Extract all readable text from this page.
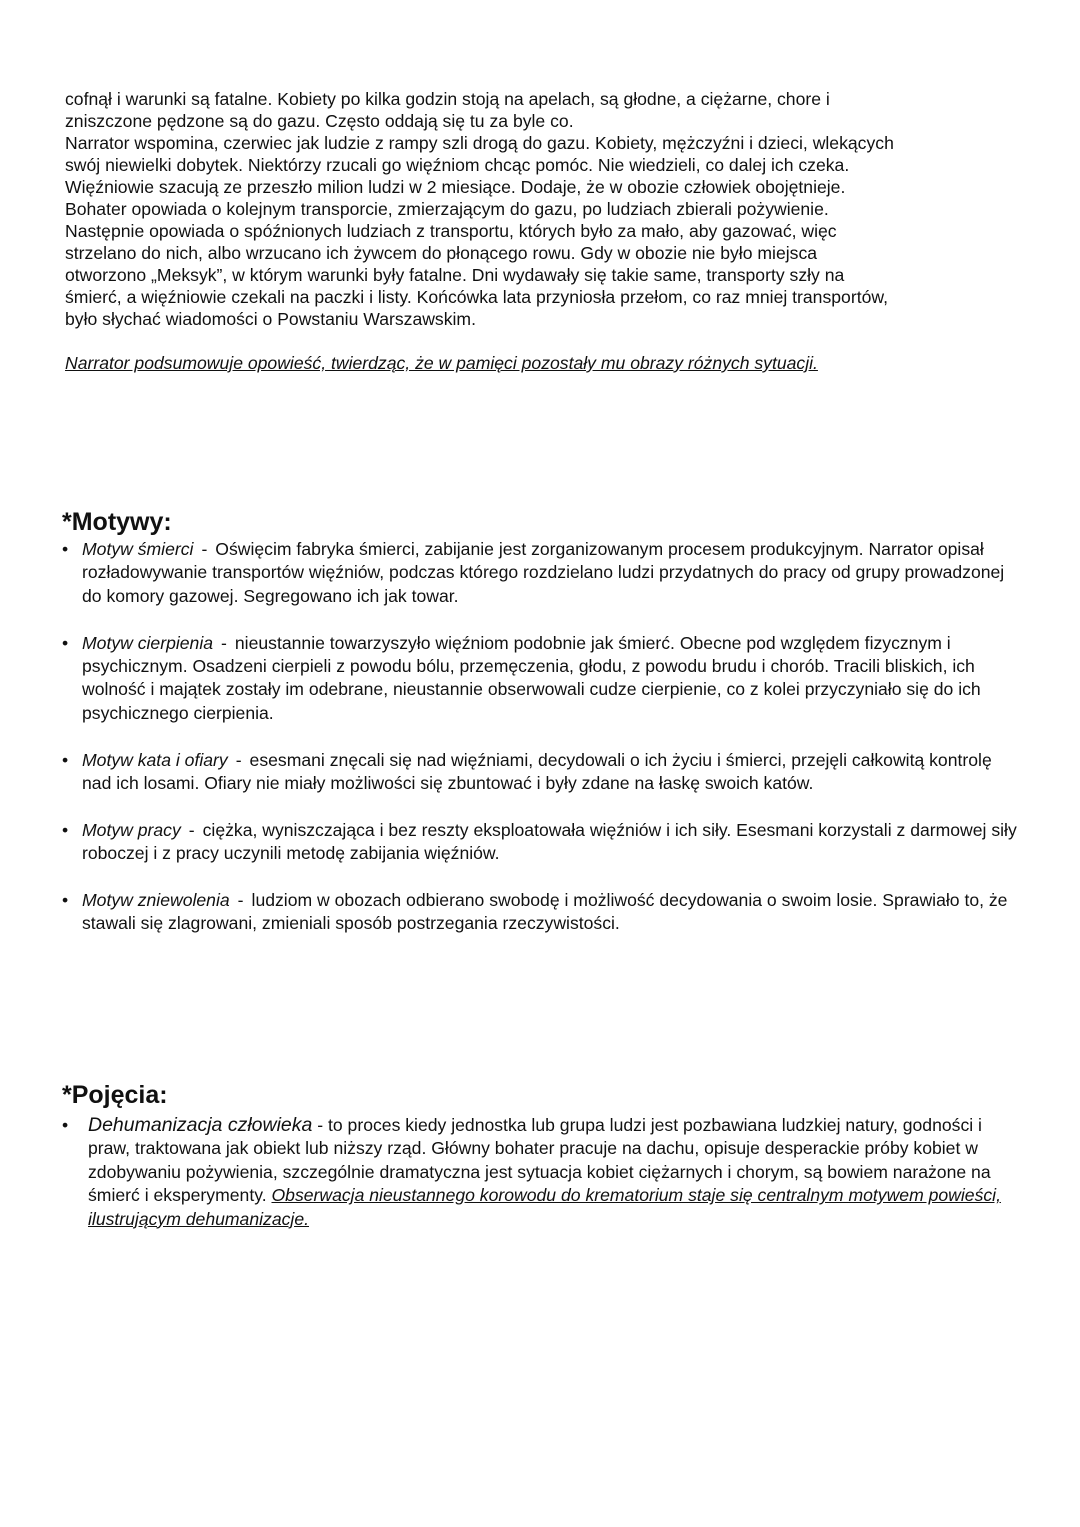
cofnął i warunki są fatalne. Kobiety po kilka godzin stoją na apelach, są głodne, a ciężarne, chore i

zniszczone pędzone są do gazu. Często oddają się tu za byle co.

Narrator wspomina, czerwiec jak ludzie z rampy szli drogą do gazu. Kobiety, mężczyźni i dzieci, wlekących

swój niewielki dobytek. Niektórzy rzucali go więźniom chcąc pomóc. Nie wiedzieli, co dalej ich czeka.

Więźniowie szacują ze przeszło milion ludzi w 2 miesiące. Dodaje, że w obozie człowiek obojętnieje.

Bohater opowiada o kolejnym transporcie, zmierzającym do gazu, po ludziach zbierali pożywienie.

Następnie opowiada o spóźnionych ludziach z transportu, których było za mało, aby gazować, więc

strzelano do nich, albo wrzucano ich żywcem do płonącego rowu. Gdy w obozie nie było miejsca

otworzono „Meksyk”, w którym warunki były fatalne. Dni wydawały się takie same, transporty szły na

śmierć, a więźniowie czekali na paczki i listy. Końcówka lata przyniosła przełom, co raz mniej transportów,

było słychać wiadomości o Powstaniu Warszawskim.

Narrator podsumowuje opowieść, twierdząc, że w pamięci pozostały mu obrazy różnych sytuacji.

*Motywy:
• Motyw śmierci - Oświęcim fabryka śmierci, zabijanie jest zorganizowanym procesem produkcyjnym. Narrator opisał rozładowywanie transportów więźniów, podczas którego rozdzielano ludzi przydatnych do pracy od grupy prowadzonej do komory gazowej. Segregowano ich jak towar.
• Motyw cierpienia - nieustannie towarzyszyło więźniom podobnie jak śmierć. Obecne pod względem fizycznym i psychicznym. Osadzeni cierpieli z powodu bólu, przemęczenia, głodu, z powodu brudu i chorób. Tracili bliskich, ich wolność i majątek zostały im odebrane, nieustannie obserwowali cudze cierpienie, co z kolei przyczyniało się do ich psychicznego cierpienia.
• Motyw kata i ofiary - esesmani znęcali się nad więźniami, decydowali o ich życiu i śmierci, przejęli całkowitą kontrolę nad ich losami. Ofiary nie miały możliwości się zbuntować i były zdane na łaskę swoich katów.
• Motyw pracy - ciężka, wyniszczająca i bez reszty eksploatowała więźniów i ich siły. Esesmani korzystali z darmowej siły roboczej i z pracy uczynili metodę zabijania więźniów.
• Motyw zniewolenia - ludziom w obozach odbierano swobodę i możliwość decydowania o swoim losie. Sprawiało to, że stawali się zlagrowani, zmieniali sposób postrzegania rzeczywistości.
*Pojęcia:
•	Dehumanizacja człowieka - to proces kiedy jednostka lub grupa ludzi jest pozbawiana ludzkiej natury, godności i praw, traktowana jak obiekt lub niższy rząd. Główny bohater pracuje na dachu, opisuje desperackie próby kobiet w zdobywaniu pożywienia, szczególnie dramatyczna jest sytuacja kobiet ciężarnych i chorym, są bowiem narażone na śmierć i eksperymenty. Obserwacja nieustannego korowodu do krematorium staje się centralnym motywem powieści, ilustrującym dehumanizacje.
